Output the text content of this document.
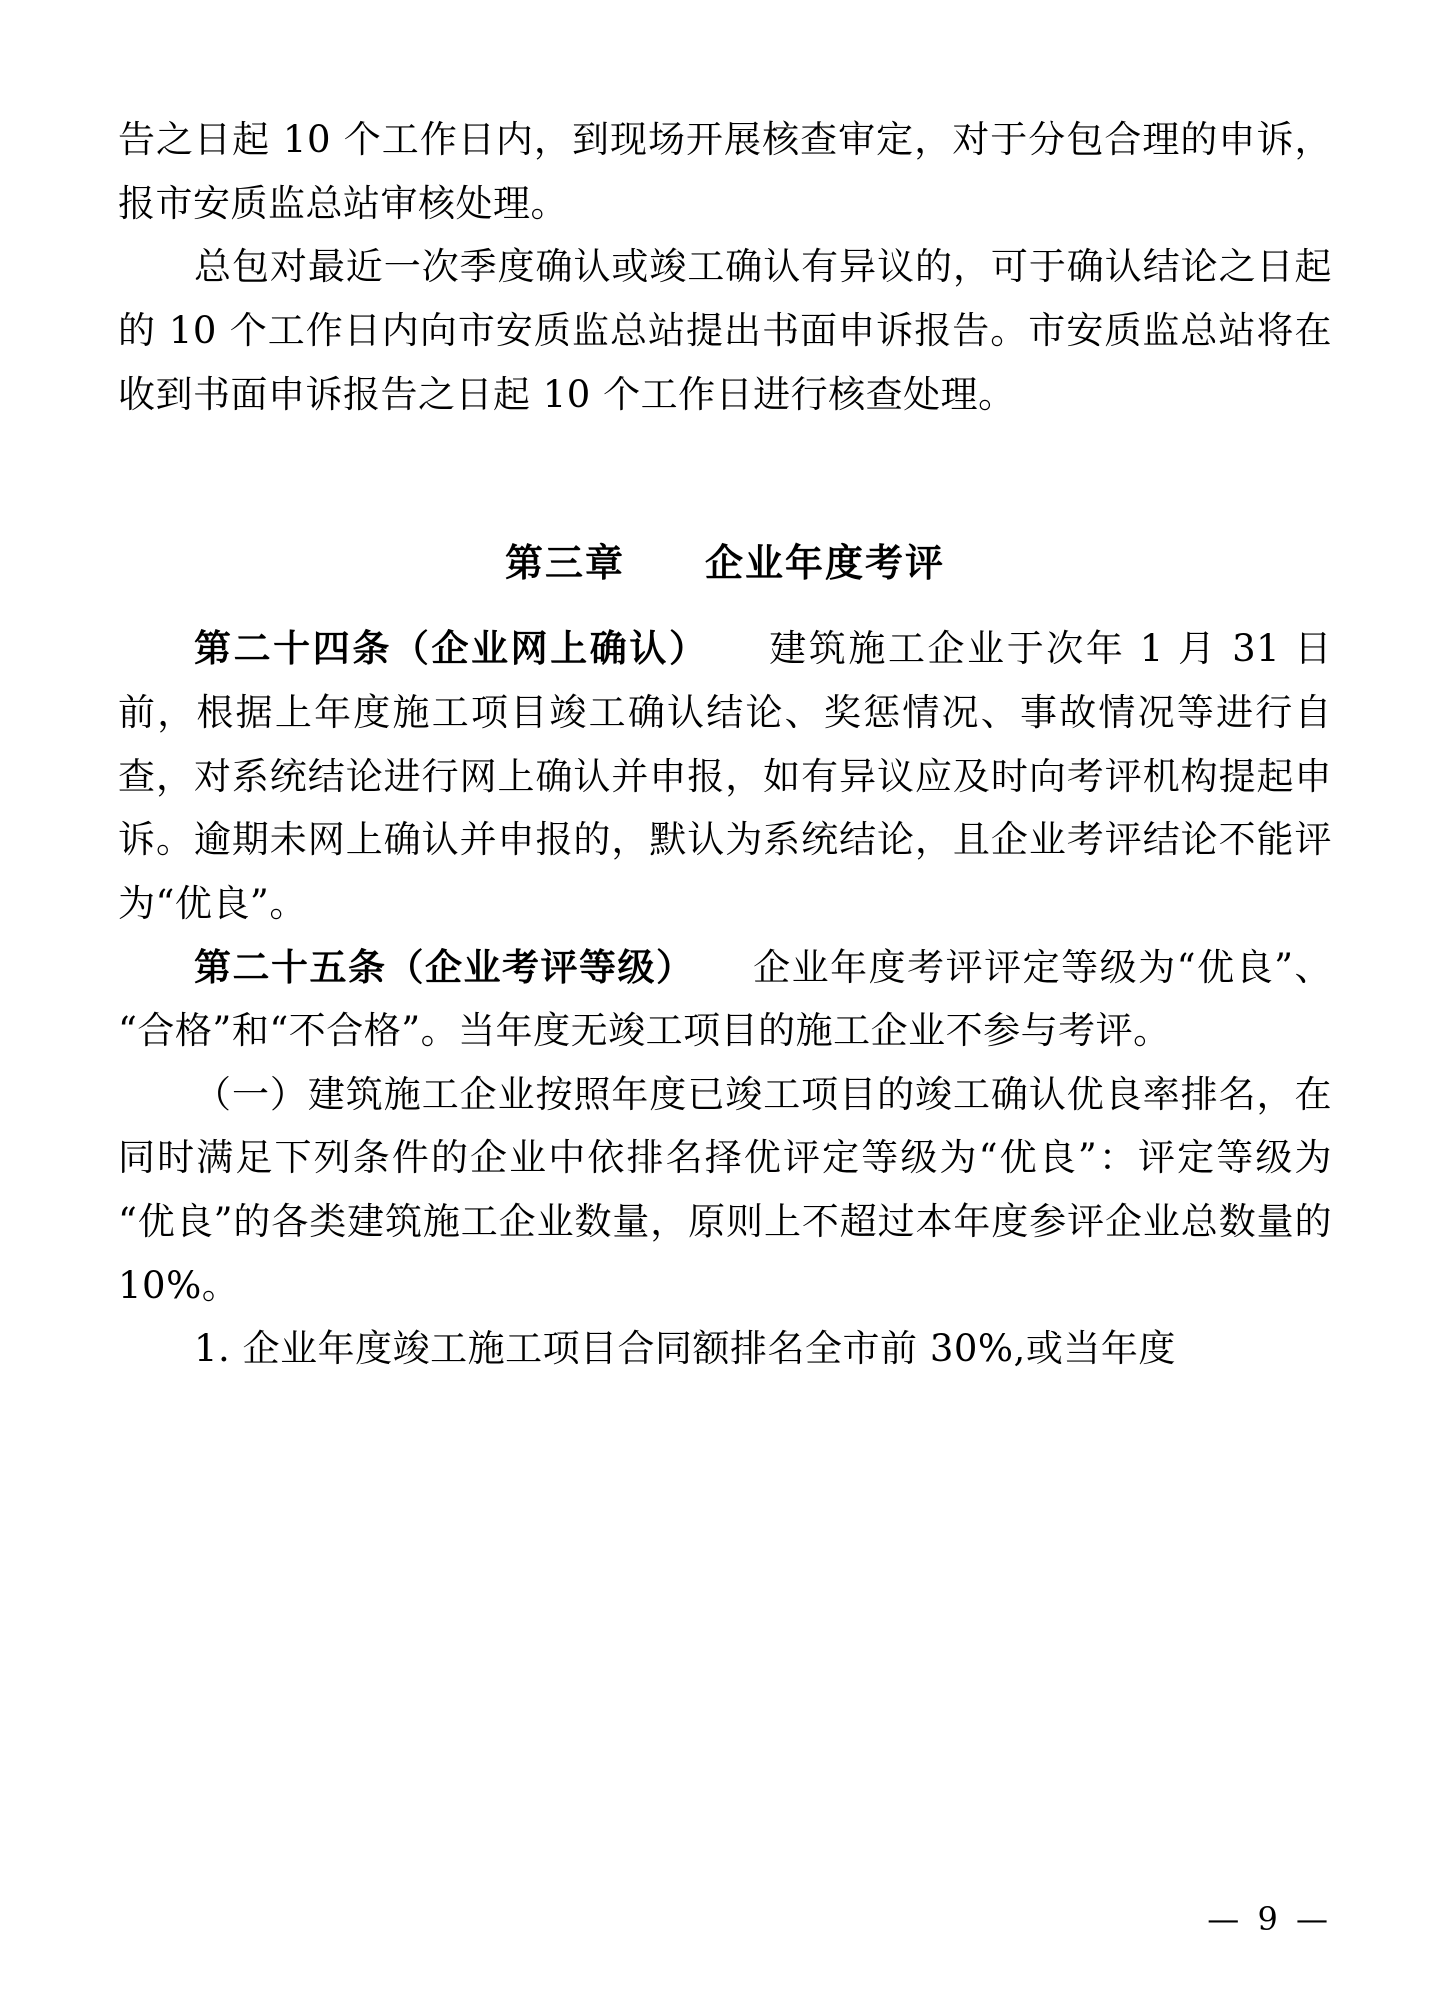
告之日起 10 个工作日内，到现场开展核查审定，对于分包合理的申诉，报市安质监总站审核处理。

总包对最近一次季度确认或竣工确认有异议的，可于确认结论之日起的 10 个工作日内向市安质监总站提出书面申诉报告。市安质监总站将在收到书面申诉报告之日起 10 个工作日进行核查处理。

第三章　　企业年度考评

第二十四条（企业网上确认）　　建筑施工企业于次年 1 月 31 日前，根据上年度施工项目竣工确认结论、奖惩情况、事故情况等进行自查，对系统结论进行网上确认并申报，如有异议应及时向考评机构提起申诉。逾期未网上确认并申报的，默认为系统结论，且企业考评结论不能评为“优良”。

第二十五条（企业考评等级）　　企业年度考评评定等级为“优良”、“合格”和“不合格”。当年度无竣工项目的施工企业不参与考评。

（一）建筑施工企业按照年度已竣工项目的竣工确认优良率排名，在同时满足下列条件的企业中依排名择优评定等级为“优良”：评定等级为“优良”的各类建筑施工企业数量，原则上不超过本年度参评企业总数量的 10%。

1. 企业年度竣工施工项目合同额排名全市前 30%,或当年度

— 9 —
